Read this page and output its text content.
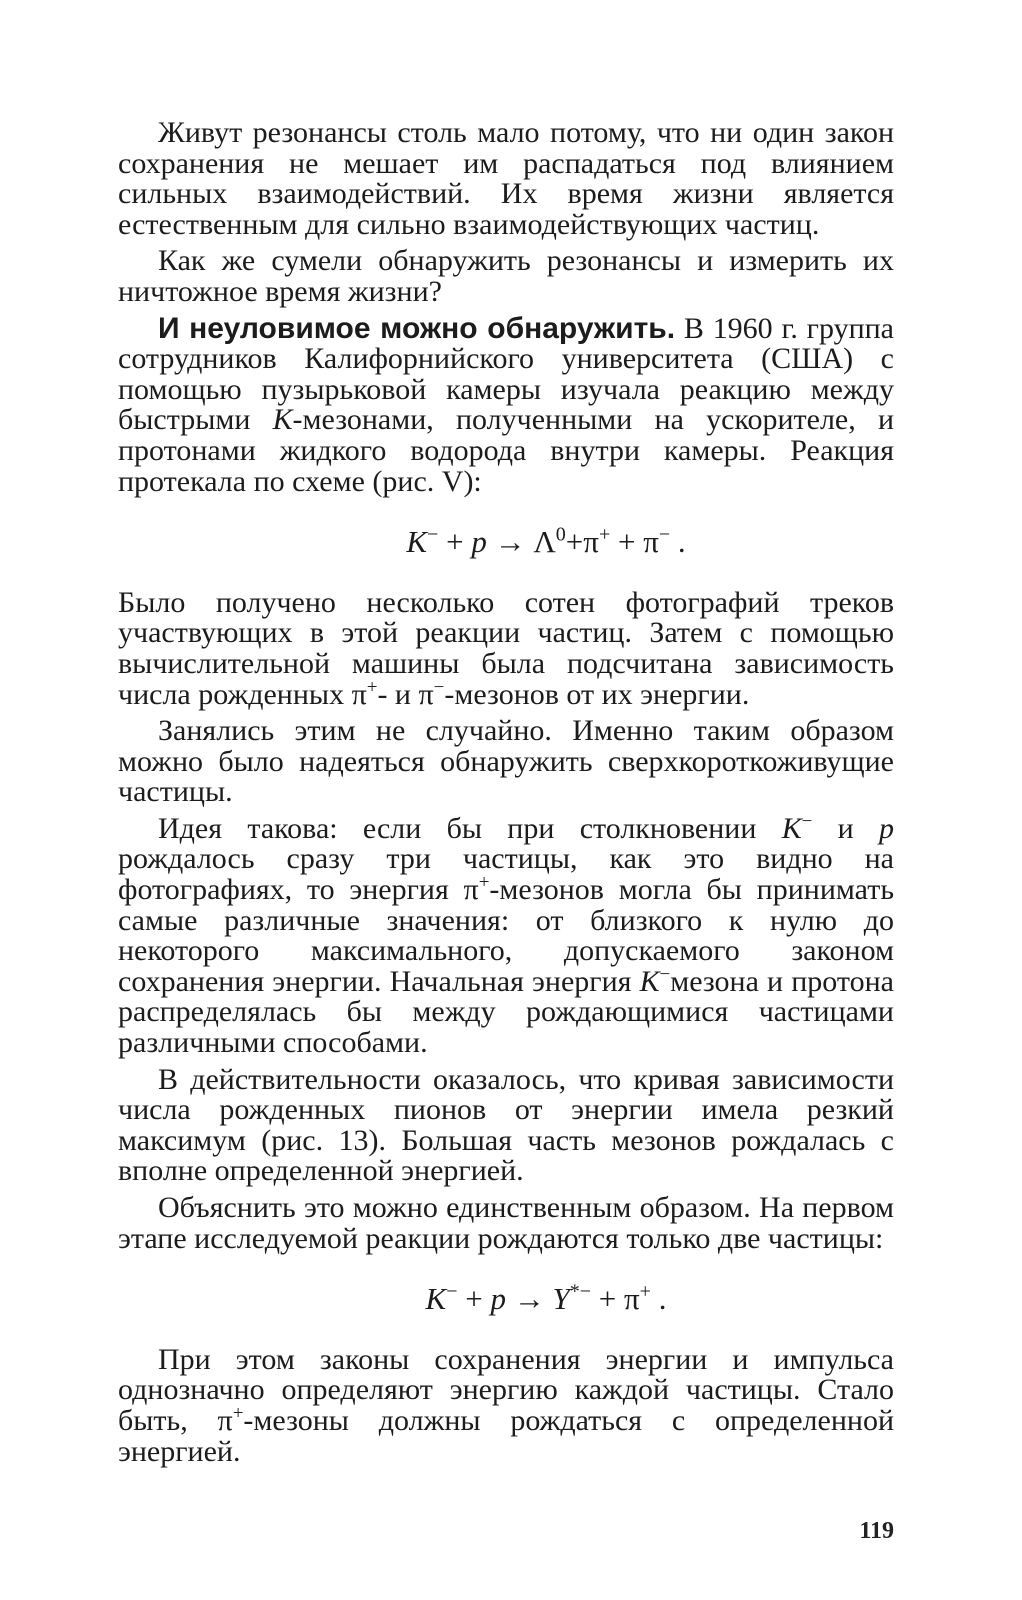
Живут резонансы столь мало потому, что ни один закон сохранения не мешает им распадаться под влиянием сильных взаимодействий. Их время жизни является естественным для сильно взаимодействующих частиц.

Как же сумели обнаружить резонансы и измерить их ничтожное время жизни?

И неуловимое можно обнаружить. В 1960 г. группа сотрудников Калифорнийского университета (США) с помощью пузырьковой камеры изучала реакцию между быстрыми К-мезонами, полученными на ускорителе, и протонами жидкого водорода внутри камеры. Реакция протекала по схеме (рис. V):

$K^- + p \to \Lambda^0+\pi^+ + \pi^-$ .

Было получено несколько сотен фотографий треков участвующих в этой реакции частиц. Затем с помощью вычислительной машины была подсчитана зависимость числа рожденных π+- и π−-мезонов от их энергии.

Занялись этим не случайно. Именно таким образом можно было надеяться обнаружить сверхкороткоживущие частицы.

Идея такова: если бы при столкновении К− и р рождалось сразу три частицы, как это видно на фотографиях, то энергия π+-мезонов могла бы принимать самые различные значения: от близкого к нулю до некоторого максимального, допускаемого законом сохранения энергии. Начальная энергия К−мезона и протона распределялась бы между рождающимися частицами различными способами.

В действительности оказалось, что кривая зависимости числа рожденных пионов от энергии имела резкий максимум (рис. 13). Большая часть мезонов рождалась с вполне определенной энергией.

Объяснить это можно единственным образом. На первом этапе исследуемой реакции рождаются только две частицы:

K− + p → Y*− + π+ .

При этом законы сохранения энергии и импульса однозначно определяют энергию каждой частицы. Стало быть, π+-мезоны должны рождаться с определенной энергией.

119
